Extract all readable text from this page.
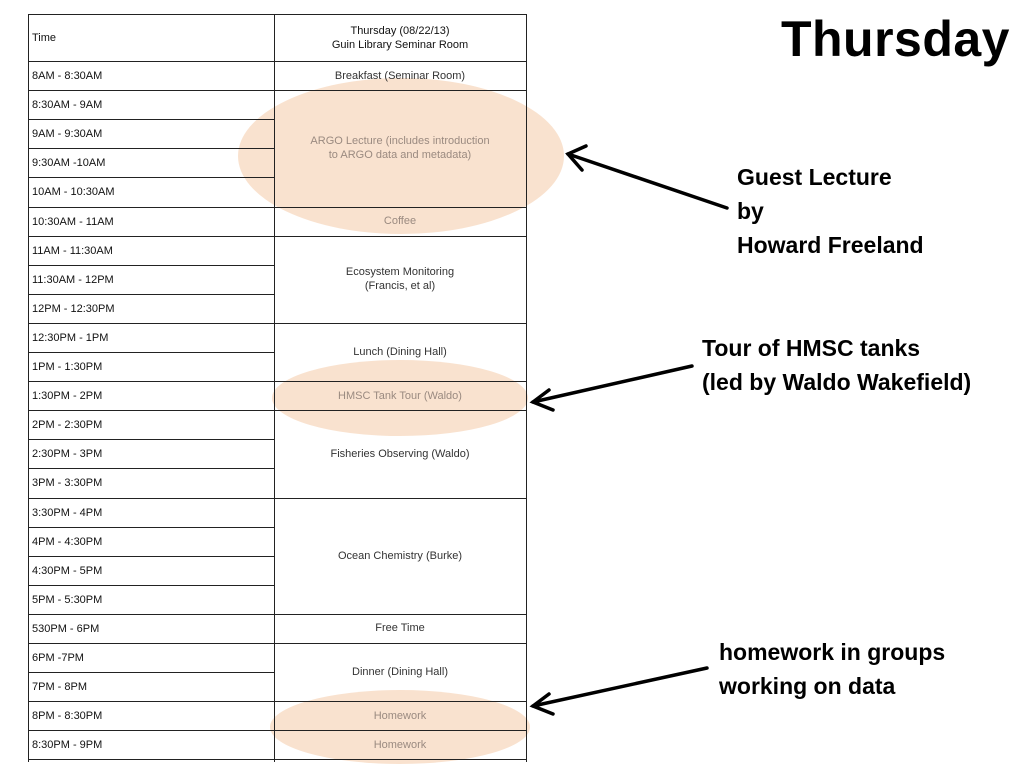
Thursday
Time
Thursday (08/22/13)
Guin Library Seminar Room
8AM - 8:30AM
8:30AM - 9AM
9AM - 9:30AM
9:30AM -10AM
10AM - 10:30AM
10:30AM - 11AM
11AM - 11:30AM
11:30AM - 12PM
12PM - 12:30PM
12:30PM - 1PM
1PM - 1:30PM
1:30PM - 2PM
2PM - 2:30PM
2:30PM - 3PM
3PM - 3:30PM
3:30PM - 4PM
4PM - 4:30PM
4:30PM - 5PM
5PM - 5:30PM
530PM - 6PM
6PM -7PM
7PM - 8PM
8PM - 8:30PM
8:30PM - 9PM
Breakfast (Seminar Room)
ARGO Lecture (includes introduction
to ARGO data and metadata)
Coffee
Ecosystem Monitoring
(Francis, et al)
Lunch (Dining Hall)
HMSC Tank Tour (Waldo)
Fisheries Observing (Waldo)
Ocean Chemistry (Burke)
Free Time
Dinner (Dining Hall)
Homework
Homework
Guest Lecture
by
Howard Freeland
Tour of HMSC tanks
(led by Waldo Wakefield)
homework in groups
working on data
